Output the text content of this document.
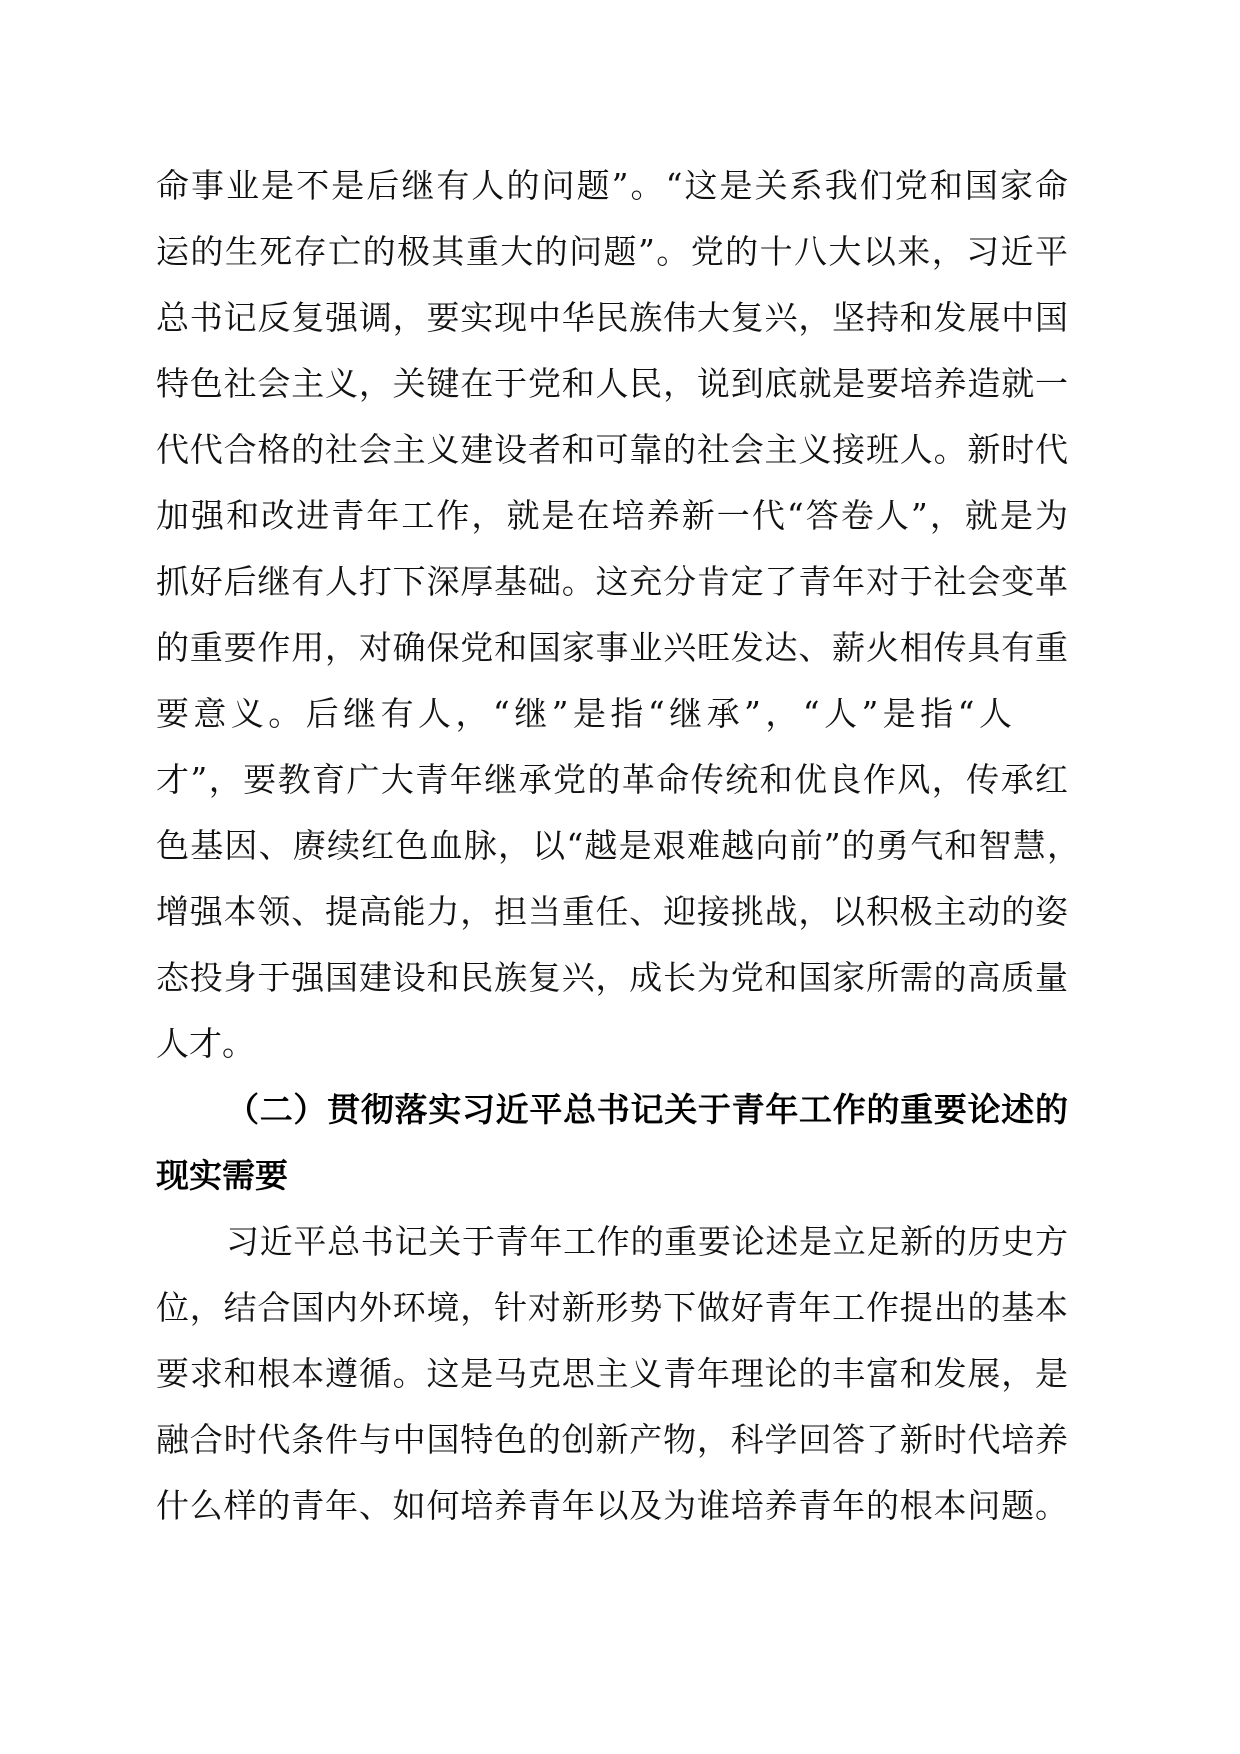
命事业是不是后继有人的问题”。“这是关系我们党和国家命
运的生死存亡的极其重大的问题”。党的十八大以来，习近平
总书记反复强调，要实现中华民族伟大复兴，坚持和发展中国
特色社会主义，关键在于党和人民，说到底就是要培养造就一
代代合格的社会主义建设者和可靠的社会主义接班人。新时代
加强和改进青年工作，就是在培养新一代“答卷人”，就是为
抓好后继有人打下深厚基础。这充分肯定了青年对于社会变革
的重要作用，对确保党和国家事业兴旺发达、薪火相传具有重
要意义。后继有人，“继”是指“继承”，“人”是指“人
才”，要教育广大青年继承党的革命传统和优良作风，传承红
色基因、赓续红色血脉，以“越是艰难越向前”的勇气和智慧，
增强本领、提高能力，担当重任、迎接挑战，以积极主动的姿
态投身于强国建设和民族复兴，成长为党和国家所需的高质量
人才。
（二）贯彻落实习近平总书记关于青年工作的重要论述的
现实需要
习近平总书记关于青年工作的重要论述是立足新的历史方
位，结合国内外环境，针对新形势下做好青年工作提出的基本
要求和根本遵循。这是马克思主义青年理论的丰富和发展，是
融合时代条件与中国特色的创新产物，科学回答了新时代培养
什么样的青年、如何培养青年以及为谁培养青年的根本问题。
